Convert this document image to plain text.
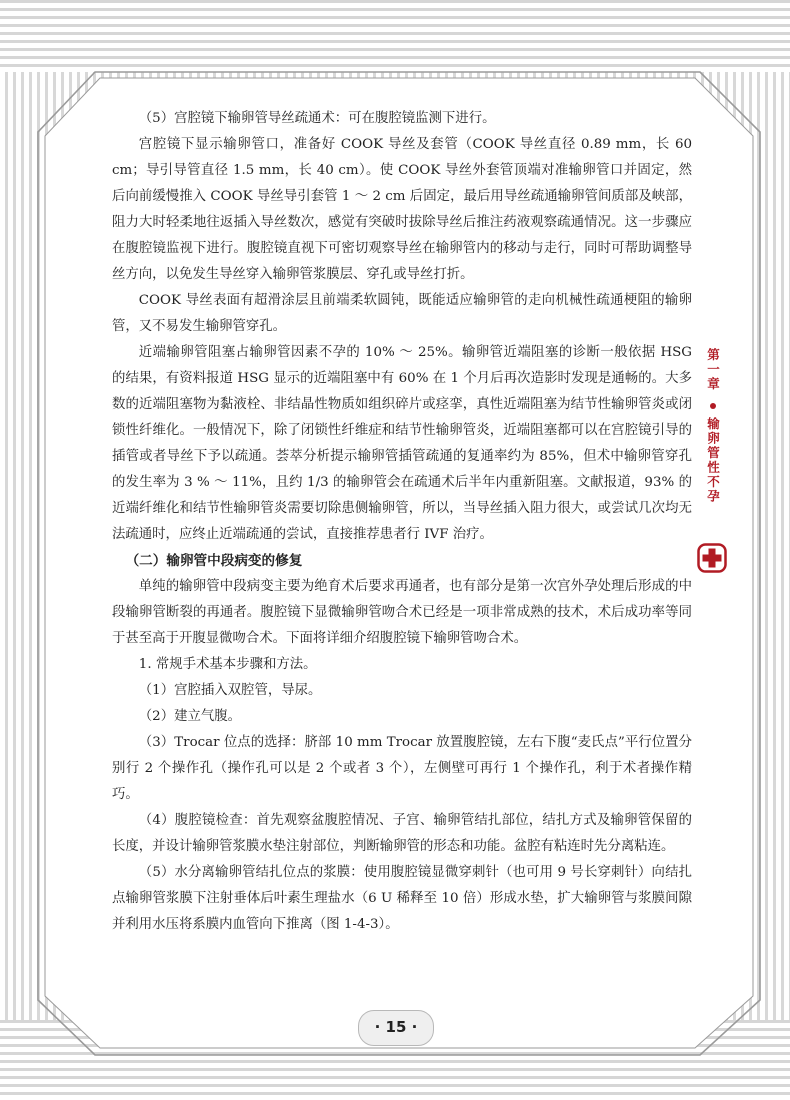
（5）宫腔镜下输卵管导丝疏通术：可在腹腔镜监测下进行。

宫腔镜下显示输卵管口，准备好 COOK 导丝及套管（COOK 导丝直径 0.89 mm，长 60 cm；导引导管直径 1.5 mm，长 40 cm）。使 COOK 导丝外套管顶端对准输卵管口并固定，然后向前缓慢推入 COOK 导丝导引套管 1 ～ 2 cm 后固定，最后用导丝疏通输卵管间质部及峡部，阻力大时轻柔地往返插入导丝数次，感觉有突破时拔除导丝后推注药液观察疏通情况。这一步骤应在腹腔镜监视下进行。腹腔镜直视下可密切观察导丝在输卵管内的移动与走行，同时可帮助调整导丝方向，以免发生导丝穿入输卵管浆膜层、穿孔或导丝打折。

COOK 导丝表面有超滑涂层且前端柔软圆钝，既能适应输卵管的走向机械性疏通梗阻的输卵管，又不易发生输卵管穿孔。

近端输卵管阻塞占输卵管因素不孕的 10% ～ 25%。输卵管近端阻塞的诊断一般依据 HSG 的结果，有资料报道 HSG 显示的近端阻塞中有 60% 在 1 个月后再次造影时发现是通畅的。大多数的近端阻塞物为黏液栓、非结晶性物质如组织碎片或痉挛，真性近端阻塞为结节性输卵管炎或闭锁性纤维化。一般情况下，除了闭锁性纤维症和结节性输卵管炎，近端阻塞都可以在宫腔镜引导的插管或者导丝下予以疏通。荟萃分析提示输卵管插管疏通的复通率约为 85%，但术中输卵管穿孔的发生率为 3 % ～ 11%，且约 1/3 的输卵管会在疏通术后半年内重新阻塞。文献报道，93% 的近端纤维化和结节性输卵管炎需要切除患侧输卵管，所以，当导丝插入阻力很大，或尝试几次均无法疏通时，应终止近端疏通的尝试，直接推荐患者行 IVF 治疗。

（二）输卵管中段病变的修复

单纯的输卵管中段病变主要为绝育术后要求再通者，也有部分是第一次宫外孕处理后形成的中段输卵管断裂的再通者。腹腔镜下显微输卵管吻合术已经是一项非常成熟的技术，术后成功率等同于甚至高于开腹显微吻合术。下面将详细介绍腹腔镜下输卵管吻合术。

1. 常规手术基本步骤和方法。

（1）宫腔插入双腔管，导尿。

（2）建立气腹。

（3）Trocar 位点的选择：脐部 10 mm Trocar 放置腹腔镜，左右下腹“麦氏点”平行位置分别行 2 个操作孔（操作孔可以是 2 个或者 3 个），左侧壁可再行 1 个操作孔，利于术者操作精巧。

（4）腹腔镜检查：首先观察盆腹腔情况、子宫、输卵管结扎部位，结扎方式及输卵管保留的长度，并设计输卵管浆膜水垫注射部位，判断输卵管的形态和功能。盆腔有粘连时先分离粘连。

（5）水分离输卵管结扎位点的浆膜：使用腹腔镜显微穿刺针（也可用 9 号长穿刺针）向结扎点输卵管浆膜下注射垂体后叶素生理盐水（6 U 稀释至 10 倍）形成水垫，扩大输卵管与浆膜间隙并利用水压将系膜内血管向下推离（图 1-4-3）。

第一章
输卵管性不孕
· 15 ·
